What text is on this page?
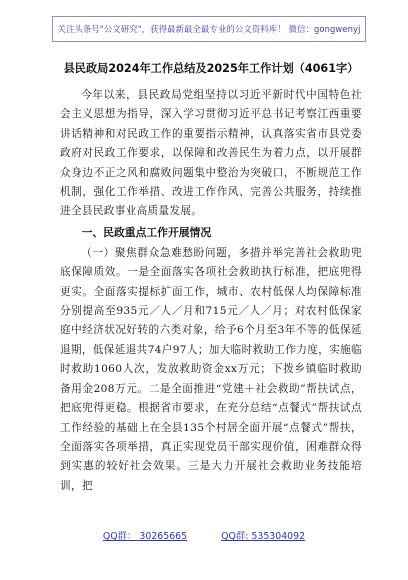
关注头条号"公文研究"，获得最新最全最专业的公文资料库！ 微信：gongwenyj
县民政局2024年工作总结及2025年工作计划（4061字）

今年以来，县民政局党组坚持以习近平新时代中国特色社会主义思想为指导，深入学习贯彻习近平总书记考察江西重要讲话精神和对民政工作的重要指示精神，认真落实省市县党委政府对民政工作要求，以保障和改善民生为着力点，以开展群众身边不正之风和腐败问题集中整治为突破口，不断规范工作机制，强化工作举措、改进工作作风、完善公共服务，持续推进全县民政事业高质量发展。

一、民政重点工作开展情况

（一）聚焦群众急难愁盼问题，多措并举完善社会救助兜底保障质效。一是全面落实各项社会救助执行标准，把底兜得更实。全面落实提标扩面工作，城市、农村低保人均保障标准分别提高至935元／人／月和715元／人／月；对农村低保家庭中经济状况好转的六类对象，给予6个月至3年不等的低保延退期，低保延退共74户97人；加大临时救助工作力度，实施临时救助1060人次，发放救助资金xx万元；下拨乡镇临时救助备用金208万元。二是全面推进“党建＋社会救助”帮扶试点，把底兜得更稳。根据省市要求，在充分总结“点餐式”帮扶试点工作经验的基础上在全县135个村居全面开展“点餐式”帮扶，全面落实各项举措，真正实现党员干部实现价值，困难群众得到实惠的较好社会效果。三是大力开展社会救助业务技能培训，把

QQ群： 30265665	QQ群: 535304092
